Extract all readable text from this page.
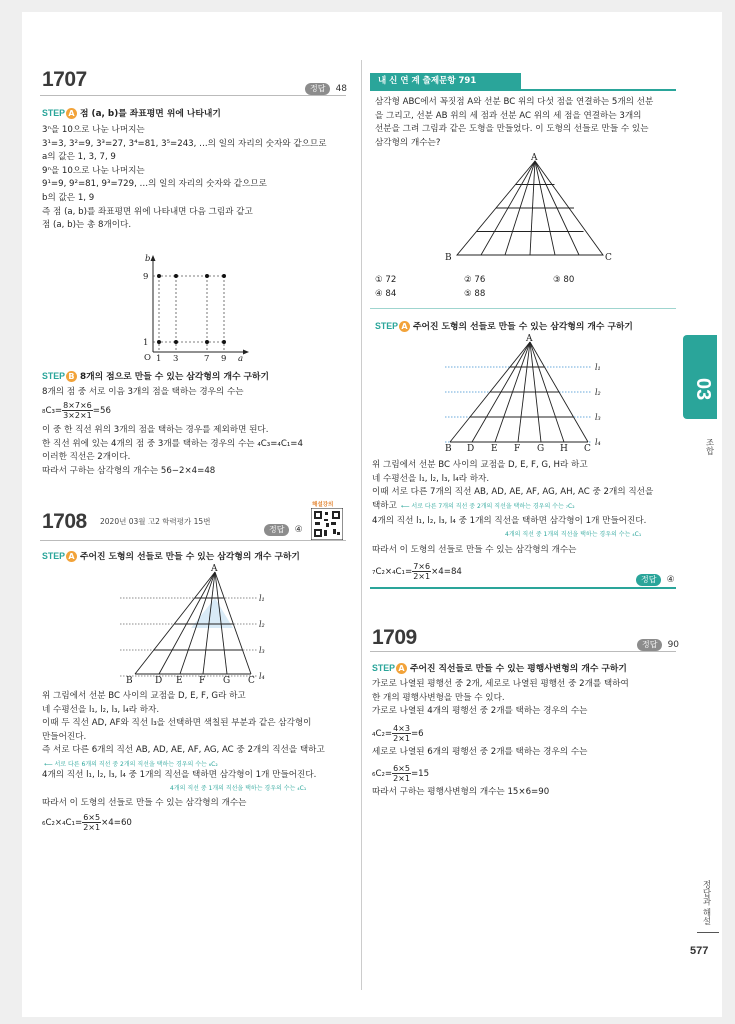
1707	정답 48
STEP A 점 (a, b)를 좌표평면 위에 나타내기
3ⁿ을 10으로 나눈 나머지는
3¹=3, 3²=9, 3³=27, 3⁴=81, 3⁵=243, …의 일의 자리의 숫자와 같으므로
a의 값은 1, 3, 7, 9
9ⁿ을 10으로 나눈 나머지는
9¹=9, 9²=81, 9³=729, …의 일의 자리의 숫자와 같으므로
b의 값은 1, 9
즉 점 (a, b)를 좌표평면 위에 나타내면 다음 그림과 같고
점 (a, b)는 총 8개이다.
b
O
9
1
1 3	7 9 a
STEP B 8개의 점으로 만들 수 있는 삼각형의 개수 구하기
8개의 점 중 서로 이음 3개의 점을 택하는 경우의 수는
$_8C_3= \frac{8\times 7\times 6}{3\times 2\times 1} =56$
이 중 한 직선 위의 3개의 점을 택하는 경우를 제외하면 된다.
한 직선 위에 있는 4개의 점 중 3개를 택하는 경우의 수는 ₄C₃=₄C₁=4
이러한 직선은 2개이다.
따라서 구하는 삼각형의 개수는 56−2×4=48
1708 2020년 03월 고2 학력평가 15번
정답 ④
해설강의
STEP A 주어진 도형의 선들로 만들 수 있는 삼각형의 개수 구하기
A
B D E F G C
l₁
l₂
l₃
l₄
위 그림에서 선분 BC 사이의 교점을 D, E, F, G라 하고
네 수평선을 l₁, l₂, l₃, l₄라 하자.
이때 두 직선 AD, AF와 직선 l₃을 선택하면 색칠된 부분과 같은 삼각형이
만들어진다.
즉 서로 다른 6개의 직선 AB, AD, AE, AF, AG, AC 중 2개의 직선을 택하고
⟵ 서로 다른 6개의 직선 중 2개의 직선을 택하는 경우의 수는 ₆C₂
4개의 직선 l₁, l₂, l₃, l₄ 중 1개의 직선을 택하면 삼각형이 1개 만들어진다.
4개의 직선 중 1개의 직선을 택하는 경우의 수는 ₄C₁
따라서 이 도형의 선들로 만들 수 있는 삼각형의 개수는
$_6C_2\times_4C_1= \frac{6\times 5}{2\times 1} \times 4=60$
내 신 연 계 출제문항 791
삼각형 ABC에서 꼭짓점 A와 선분 BC 위의 다섯 점을 연결하는 5개의 선분
을 그리고, 선분 AB 위의 세 점과 선분 AC 위의 세 점을 연결하는 3개의
선분을 그려 그림과 같은 도형을 만들었다. 이 도형의 선들로 만들 수 있는
삼각형의 개수는?
A
B	C
① 72	② 76	③ 80
④ 84	⑤ 88
STEP A 주어진 도형의 선들로 만들 수 있는 삼각형의 개수 구하기
A
B D E F G H C
l₁
l₂
l₃
l₄
위 그림에서 선분 BC 사이의 교점을 D, E, F, G, H라 하고
네 수평선을 l₁, l₂, l₃, l₄라 하자.
이때 서로 다른 7개의 직선 AB, AD, AE, AF, AG, AH, AC 중 2개의 직선을
택하고 ⟵ 서로 다른 7개의 직선 중 2개의 직선을 택하는 경우의 수는 ₇C₂
4개의 직선 l₁, l₂, l₃, l₄ 중 1개의 직선을 택하면 삼각형이 1개 만들어진다.
4개의 직선 중 1개의 직선을 택하는 경우의 수는 ₄C₁
따라서 이 도형의 선들로 만들 수 있는 삼각형의 개수는
$_7C_2\times_4C_1= \frac{7\times 6}{2\times 1} \times 4=84$
정답 ④
1709	정답 90
STEP A 주어진 직선들로 만들 수 있는 평행사변형의 개수 구하기
가로로 나열된 평행선 중 2개, 세로로 나열된 평행선 중 2개를 택하여
한 개의 평행사변형을 만들 수 있다.
가로로 나열된 4개의 평행선 중 2개를 택하는 경우의 수는
$_4C_2= \frac{4\times 3}{2\times 1} =6$
세로로 나열된 6개의 평행선 중 2개를 택하는 경우의 수는
$_6C_2= \frac{6\times 5}{2\times 1} =15$
따라서 구하는 평행사변형의 개수는 15×6=90
03
조합
정답과 해설
577
